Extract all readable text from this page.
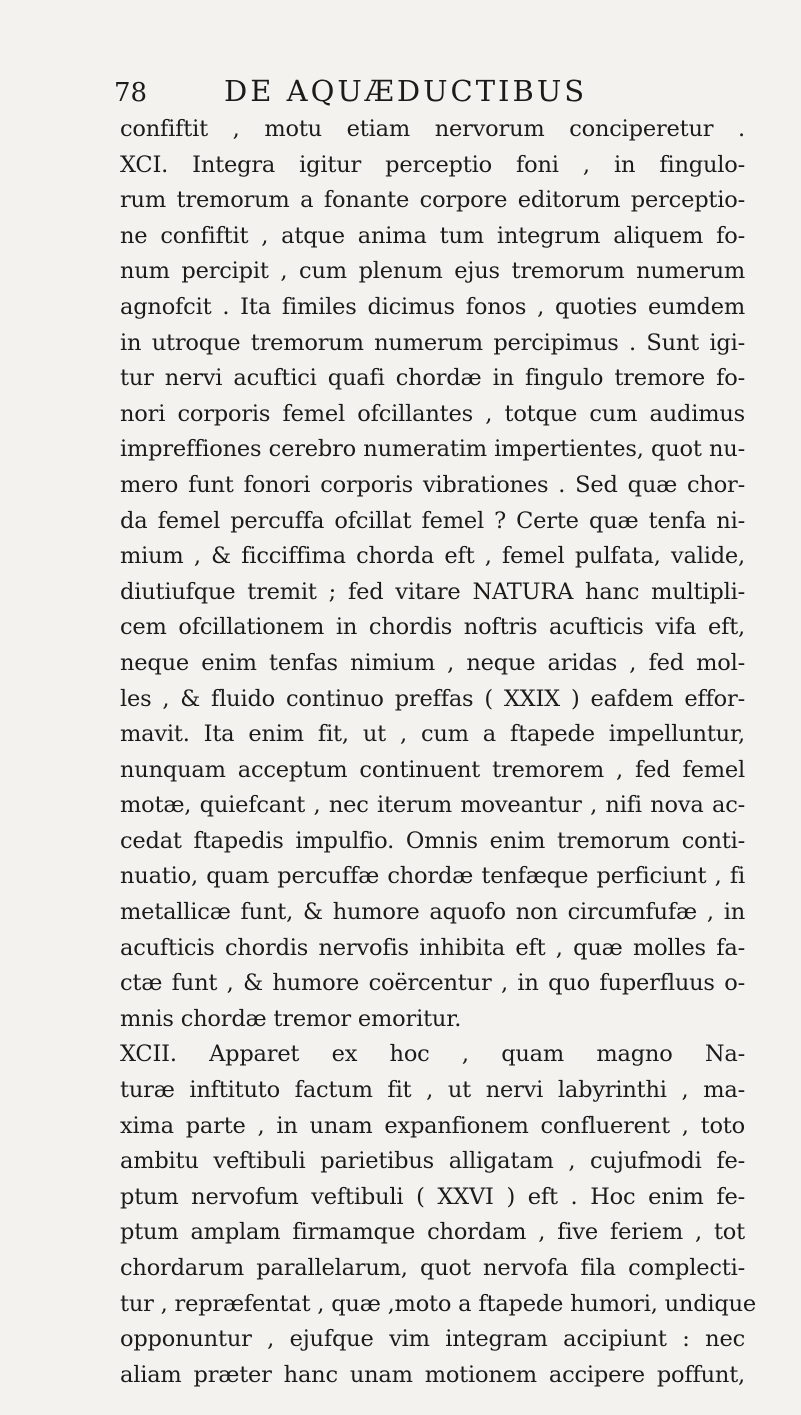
78	DE AQUÆDUCTIBUS
confiftit , motu etiam nervorum conciperetur .
XCI. Integra igitur perceptio foni , in fingulo-
rum tremorum a fonante corpore editorum perceptio-
ne confiftit , atque anima tum integrum aliquem fo-
num percipit , cum plenum ejus tremorum numerum
agnofcit . Ita fimiles dicimus fonos , quoties eumdem
in utroque tremorum numerum percipimus . Sunt igi-
tur nervi acuftici quafi chordæ in fingulo tremore fo-
nori corporis femel ofcillantes , totque cum audimus
impreffiones cerebro numeratim impertientes, quot nu-
mero funt fonori corporis vibrationes . Sed quæ chor-
da femel percuffa ofcillat femel ? Certe quæ tenfa ni-
mium , & ficciffima chorda eft , femel pulfata, valide,
diutiufque tremit ; fed vitare NATURA hanc multipli-
cem ofcillationem in chordis noftris acufticis vifa eft,
neque enim tenfas nimium , neque aridas , fed mol-
les , & fluido continuo preffas ( XXIX ) eafdem effor-
mavit. Ita enim fit, ut , cum a ftapede impelluntur,
nunquam acceptum continuent tremorem , fed femel
motæ, quiefcant , nec iterum moveantur , nifi nova ac-
cedat ftapedis impulfio. Omnis enim tremorum conti-
nuatio, quam percuffæ chordæ tenfæque perficiunt , fi
metallicæ funt, & humore aquofo non circumfufæ , in
acufticis chordis nervofis inhibita eft , quæ molles fa-
ctæ funt , & humore coërcentur , in quo fuperfluus o-
mnis chordæ tremor emoritur.
XCII. Apparet ex hoc , quam magno Na-
turæ inftituto factum fit , ut nervi labyrinthi , ma-
xima parte , in unam expanfionem confluerent , toto
ambitu veftibuli parietibus alligatam , cujufmodi fe-
ptum nervofum veftibuli ( XXVI ) eft . Hoc enim fe-
ptum amplam firmamque chordam , five feriem , tot
chordarum parallelarum, quot nervofa fila complecti-
tur , repræfentat , quæ ,moto a ftapede humori, undique
opponuntur , ejufque vim integram accipiunt : nec
aliam præter hanc unam motionem accipere poffunt,
